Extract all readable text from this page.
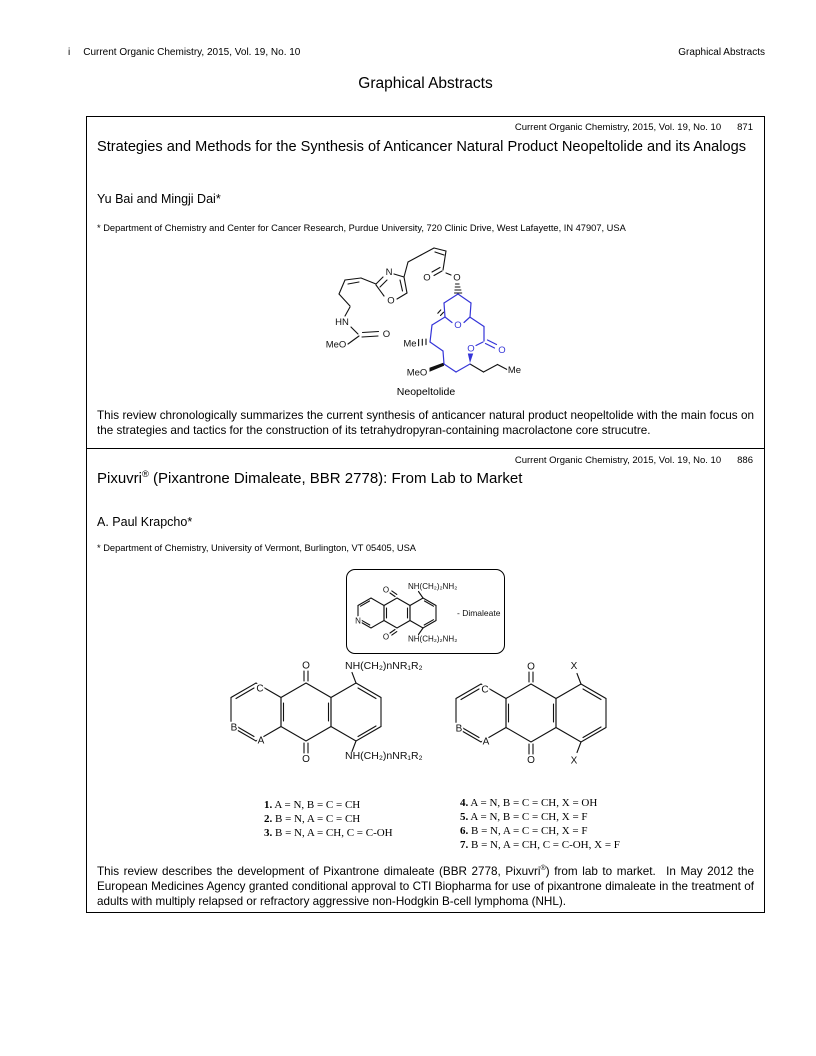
i Current Organic Chemistry, 2015, Vol. 19, No. 10	Graphical Abstracts
Graphical Abstracts
Current Organic Chemistry, 2015, Vol. 19, No. 10 871
Strategies and Methods for the Synthesis of Anticancer Natural Product Neopeltolide and its Analogs
Yu Bai and Mingji Dai*
* Department of Chemistry and Center for Cancer Research, Purdue University, 720 Clinic Drive, West Lafayette, IN 47907, USA
HN
MeO
O
N
O
O O
O
Me
MeO
O O
Me
Neopeltolide

This review chronologically summarizes the current synthesis of anticancer natural product neopeltolide with the main focus on the strategies and tactics for the construction of its tetrahydropyran-containing macrolactone core strucutre.

Current Organic Chemistry, 2015, Vol. 19, No. 10 886
Pixuvri® (Pixantrone Dimaleate, BBR 2778): From Lab to Market
A. Paul Krapcho*
* Department of Chemistry, University of Vermont, Burlington, VT 05405, USA
N
O
O
NH(CH₂)₂NH₂
NH(CH₂)₂NH₂
- Dimaleate
O
O
C
B
A
NH(CH₂)nNR₁R₂
NH(CH₂)nNR₁R₂
O
O
C
B
A
X
X
1. A = N, B = C = CH
2. B = N, A = C = CH
3. B = N, A = CH, C = C-OH
4. A = N, B = C = CH, X = OH
5. A = N, B = C = CH, X = F
6. B = N, A = C = CH, X = F
7. B = N, A = CH, C = C-OH, X = F

This review describes the development of Pixantrone dimaleate (BBR 2778, Pixuvri®) from lab to market.  In May 2012 the European Medicines Agency granted conditional approval to CTI Biopharma for use of pixantrone dimaleate in the treatment of adults with multiply relapsed or refractory aggressive non-Hodgkin B-cell lymphoma (NHL).
